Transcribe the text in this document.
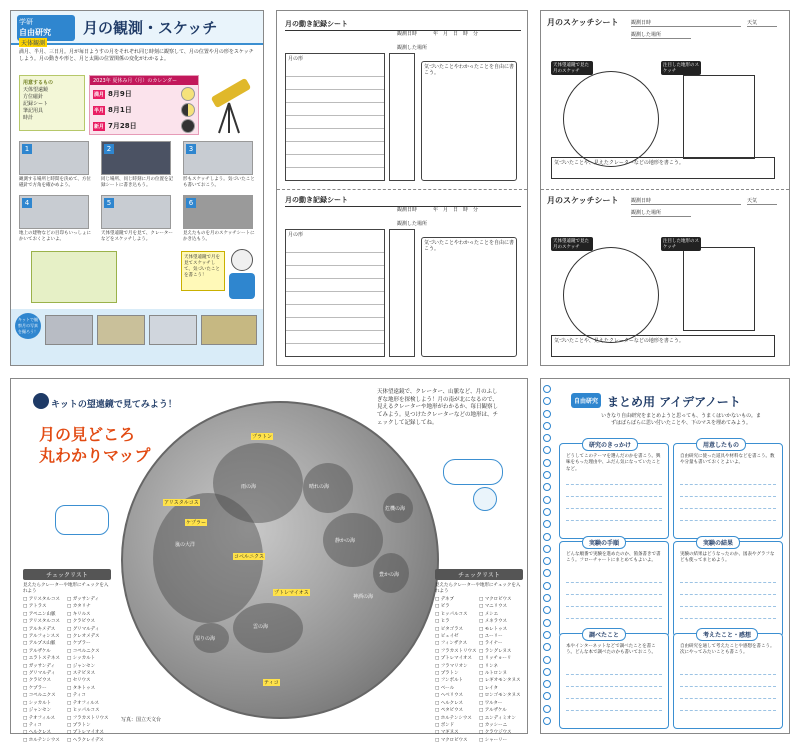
学研
自由研究
天体観測
月の観測・スケッチ
満月、半月、三日月。月が毎日ようすの月をそれぞれ同じ時刻に観察して、月の位置や月の形をスケッチしよう。月の動きや形と、月と太陽の位置関係の変化がわかるよ。
用意するもの
天体望遠鏡
方位磁針
記録シート
筆記用具
時計
2023年 夏休み月（月）のカレンダー
満月 8月9日
半月 8月1日
新月 7月28日
1
観測する場所と時間を決めて、方位磁針で方角を確かめよう。
2
同じ場所、同じ時刻に月の位置を記録シートに書き込もう。
3
形もスケッチしよう。気づいたことも書いておこう。
4
地上の建物などの目印もいっしょにかいておくとよいよ。
5
天体望遠鏡で月を見て、クレーターなどをスケッチしよう。
6
見えたものを月のスケッチシートにかき込もう。
天体望遠鏡で月を見てスケッチして、気づいたことを書こう！
キットで観察月の写真を撮ろう！
月の動き記録シート
観測日時	年　月　日　時　分
観測した場所
月の形
気づいたことやわかったことを自由に書こう。
月の動き記録シート
観測日時	年　月　日　時　分
観測した場所
月の形
気づいたことやわかったことを自由に書こう。
月のスケッチシート	観測日時
観測した場所
天気
天体望遠鏡で見た月のスケッチ
注目した地形のスケッチ
気づいたことや、見えたクレーターなどの地形を書こう。
月のスケッチシート	観測日時
観測した場所
天気
天体望遠鏡で見た月のスケッチ
注目した地形のスケッチ
気づいたことや、見えたクレーターなどの地形を書こう。
キットの望遠鏡で見てみよう！
月の見どころ
丸わかりマップ
嵐の大洋
雨の海	晴れの海
静かの海
豊かの海
危機の海
雲の海
湿りの海
神酒の海
コペルニクス
ケプラー
アリスタルコス
ティコ
プラトン
プトレマイオス
天体望遠鏡で、クレーター、山脈など、月のふしぎな地形を探検しよう！月の南が北になるので、見えるクレーターや地形がわかるか、毎日観察してみよう。見つけたクレーターなどの地形は、チェックして記録してね。
チェックリスト
見えたらクレーターや地形にチェックを入れよう
□ アリスタルコス
□ アトラス
□ アペニン山脈
□ アリスタルコス
□ アルキメデス
□ アルフォンスス
□ アルプス山脈
□ アルザケル
□ エラトステネス
□ ガッサンディ
□ グリマルディ
□ クラビウス
□ ケプラー
□ コペルニクス
□ シッカルト
□ ジャンセン
□ テオフィルス
□ ティコ
□ ヘルクレス
□ ホルテンシウス
□ ガッサンディ
□ カタリナ
□ キリルス
□ クラビウス
□ グリマルディ
□ クレオメデス
□ ケプラー
□ コペルニクス
□ シッカルト
□ ジャンセン
□ ステビヌス
□ セリウス
□ タキトゥス
□ ティコ
□ テオフィルス
□ ヒッパルコス
□ フラカストリウス
□ プラトン
□ プトレマイオス
□ ヘラクレイデス
チェックリスト
見えたらクレーターや地形にチェックを入れよう
□ デネブ
□ ビラ
□ ヒッパルコス
□ ヒラ
□ ピタゴラス
□ ピュイゼ
□ フィンザクス
□ フラカストリウス
□ プトレマイオス
□ フラマリオン
□ プラトン
□ フンボルト
□ ベール
□ ヘベリウス
□ ヘルクレス
□ ペタビウス
□ ホルテンシウス
□ ボンド
□ マギヌス
□ マクロビウス
□ マクロビウス
□ マニリウス
□ メシエ
□ メネラウス
□ モレトゥス
□ ユーリー
□ ライナー
□ ラングレヌス
□ リッチョーリ
□ リンネ
□ ルトロンヌ
□ レギオモンタヌス
□ レイタ
□ ロンゴモンタヌス
□ ワルター
□ アルザケル
□ エンディミオン
□ カッシーニ
□ クラウジウス
□ シャーリー
写真：国立天文台
自由研究 まとめ用 アイデアノート
いきなり自由研究をまとめようと思っても、うまくはいかないもの。まずはばらばらに思い付いたことや、下のマスを埋めてみよう。
研究のきっかけ
どうしてこのテーマを選んだのかを書こう。興味をもった理由や、ふだん気になっていたことなど。
用意したもの
自由研究に使った道具や材料などを書こう。数や分量も書いておくとよいよ。
実験の手順
どんな順番で実験を進めたのか、箇条書きで書こう。フローチャートにまとめてもよいよ。
実験の結果
実験の結果はどうなったのか、図表やグラフなども使ってまとめよう。
調べたこと
本やインターネットなどで調べたことを書こう。どんな本で調べたのかも書いておこう。
考えたこと・感想
自由研究を通して考えたことや感想を書こう。次にやってみたいことも書こう。
